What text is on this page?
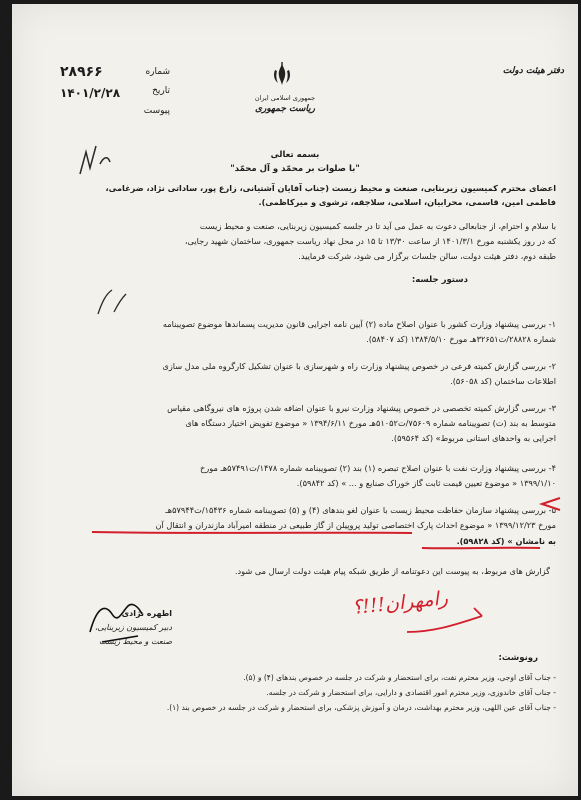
دفتر هیئت دولت
جمهوری اسلامی ایران
ریاست جمهوری
شماره
۲۸۹۶۶
تاریخ
۱۴۰۱/۲/۲۸
پیوست
بسمه تعالی
"با صلوات بر محمّد و آل محمّد"
اعضای محترم کمیسیون زیربنایی، صنعت و محیط زیست (جناب آقایان آشتیانی، زارع پور، ساداتی نژاد، ضرغامی،
فاطمی امین، قاسمی، محرابیان، اسلامی، سلاجقه، ترشوی و میرکاظمی).
با سلام و احترام، از جنابعالی دعوت به عمل می آید تا در جلسه کمیسیون زیربنایی، صنعت و محیط زیست
که در روز یکشنبه مورخ ۱۴۰۱/۳/۱ از ساعت ۱۳/۳۰ تا ۱۵ در محل نهاد ریاست جمهوری، ساختمان شهید رجایی،
طبقه دوم، دفتر هیئت دولت، سالن جلسات برگزار می شود، شرکت فرمایید.
دستور جلسه:
۱- بررسی پیشنهاد وزارت کشور با عنوان اصلاح ماده (۲) آیین نامه اجرایی قانون مدیریت پسماندها موضوع تصویبنامه
شماره ۲۸۸۲۸/ت۳۲۶۵۱هـ مورخ ۱۳۸۴/۵/۱۰ (کد ۵۸۴۰۷).
۲- بررسی گزارش کمیته فرعی در خصوص پیشنهاد وزارت راه و شهرسازی با عنوان تشکیل کارگروه ملی مدل سازی
اطلاعات ساختمان (کد ۵۶۰۵۸).
۳- بررسی گزارش کمیته تخصصی در خصوص پیشنهاد وزارت نیرو با عنوان اضافه شدن پروژه های نیروگاهی مقیاس
متوسط به بند (ت) تصویبنامه شماره ۷۵۶۰۹/ت۵۱۰۵۲هـ مورخ ۱۳۹۴/۶/۱۱ « موضوع تفویض اختیار دستگاه های
اجرایی به واحدهای استانی مربوط» (کد ۵۹۵۶۴).
۴- بررسی پیشنهاد وزارت نفت با عنوان اصلاح تبصره (۱) بند (۲) تصویبنامه شماره ۱۴۷۸/ت۵۷۴۹۱هـ مورخ
۱۳۹۹/۱/۱۰ « موضوع تعیین قیمت ثابت گاز خوراک صنایع و ... » (کد ۵۹۸۴۲).
۵- بررسی پیشنهاد سازمان حفاظت محیط زیست با عنوان لغو بندهای (۴) و (۵) تصویبنامه شماره ۱۵۴۳۶/ت۵۷۹۴۴هـ
مورخ ۱۳۹۹/۱۲/۲۳ « موضوع احداث پارک اختصاصی تولید پروپیلن از گاز طبیعی در منطقه امیرآباد مازندران و انتقال آن
به نامشان » (کد ۵۹۸۲۸).
گزارش های مربوط، به پیوست این دعوتنامه از طریق شبکه پیام هیئت دولت ارسال می شود.
رامهران!!!؟
اطهره نژادی
دبیر کمیسیون زیربنایی،
صنعت و محیط زیست
رونوشت:
- جناب آقای اوجی، وزیر محترم نفت، برای استحضار و شرکت در جلسه در خصوص بندهای (۴) و (۵).
- جناب آقای خاندوزی، وزیر محترم امور اقتصادی و دارایی، برای استحضار و شرکت در جلسه.
- جناب آقای عین اللهی، وزیر محترم بهداشت، درمان و آموزش پزشکی، برای استحضار و شرکت در جلسه در خصوص بند (۱).
